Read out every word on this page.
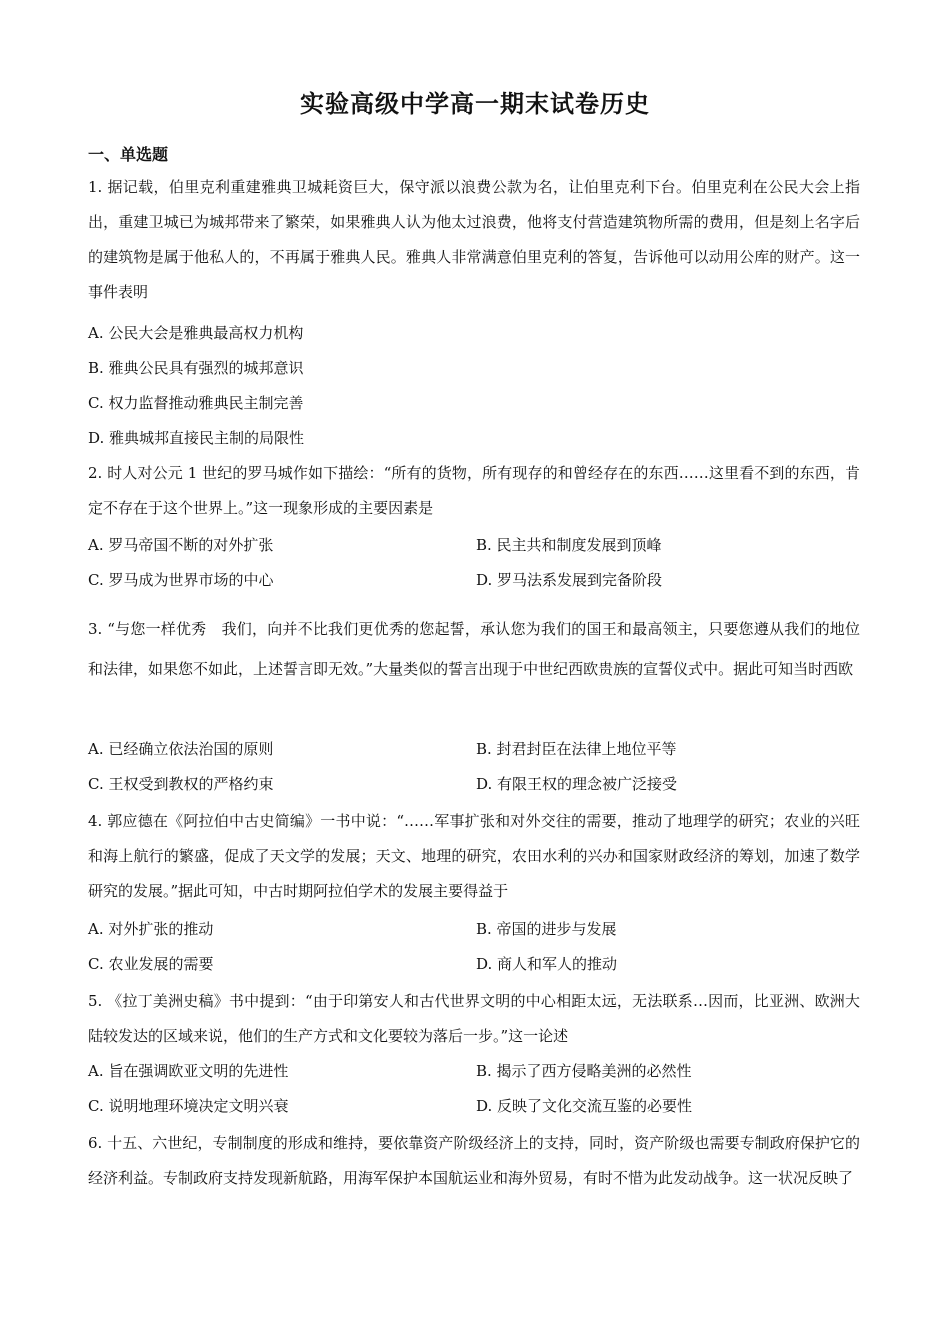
实验高级中学高一期末试卷历史
一、单选题
1. 据记载，伯里克利重建雅典卫城耗资巨大，保守派以浪费公款为名，让伯里克利下台。伯里克利在公民大会上指出，重建卫城已为城邦带来了繁荣，如果雅典人认为他太过浪费，他将支付营造建筑物所需的费用，但是刻上名字后的建筑物是属于他私人的，不再属于雅典人民。雅典人非常满意伯里克利的答复，告诉他可以动用公库的财产。这一事件表明
A. 公民大会是雅典最高权力机构
B. 雅典公民具有强烈的城邦意识
C. 权力监督推动雅典民主制完善
D. 雅典城邦直接民主制的局限性
2. 时人对公元 1 世纪的罗马城作如下描绘：“所有的货物，所有现存的和曾经存在的东西……这里看不到的东西，肯定不存在于这个世界上。”这一现象形成的主要因素是
A. 罗马帝国不断的对外扩张	B. 民主共和制度发展到顶峰
C. 罗马成为世界市场的中心	D. 罗马法系发展到完备阶段
3. “与您一样优秀　我们，向并不比我们更优秀的您起誓，承认您为我们的国王和最高领主，只要您遵从我们的地位和法律，如果您不如此，上述誓言即无效。”大量类似的誓言出现于中世纪西欧贵族的宣誓仪式中。据此可知当时西欧
A. 已经确立依法治国的原则	B. 封君封臣在法律上地位平等
C. 王权受到教权的严格约束	D. 有限王权的理念被广泛接受
4. 郭应德在《阿拉伯中古史简编》一书中说：“……军事扩张和对外交往的需要，推动了地理学的研究；农业的兴旺和海上航行的繁盛，促成了天文学的发展；天文、地理的研究，农田水利的兴办和国家财政经济的筹划，加速了数学研究的发展。”据此可知，中古时期阿拉伯学术的发展主要得益于
A. 对外扩张的推动	B. 帝国的进步与发展
C. 农业发展的需要	D. 商人和军人的推动
5. 《拉丁美洲史稿》书中提到：“由于印第安人和古代世界文明的中心相距太远，无法联系…因而，比亚洲、欧洲大陆较发达的区域来说，他们的生产方式和文化要较为落后一步。”这一论述
A. 旨在强调欧亚文明的先进性	B. 揭示了西方侵略美洲的必然性
C. 说明地理环境决定文明兴衰	D. 反映了文化交流互鉴的必要性
6. 十五、六世纪，专制制度的形成和维持，要依靠资产阶级经济上的支持，同时，资产阶级也需要专制政府保护它的经济利益。专制政府支持发现新航路，用海军保护本国航运业和海外贸易，有时不惜为此发动战争。这一状况反映了
